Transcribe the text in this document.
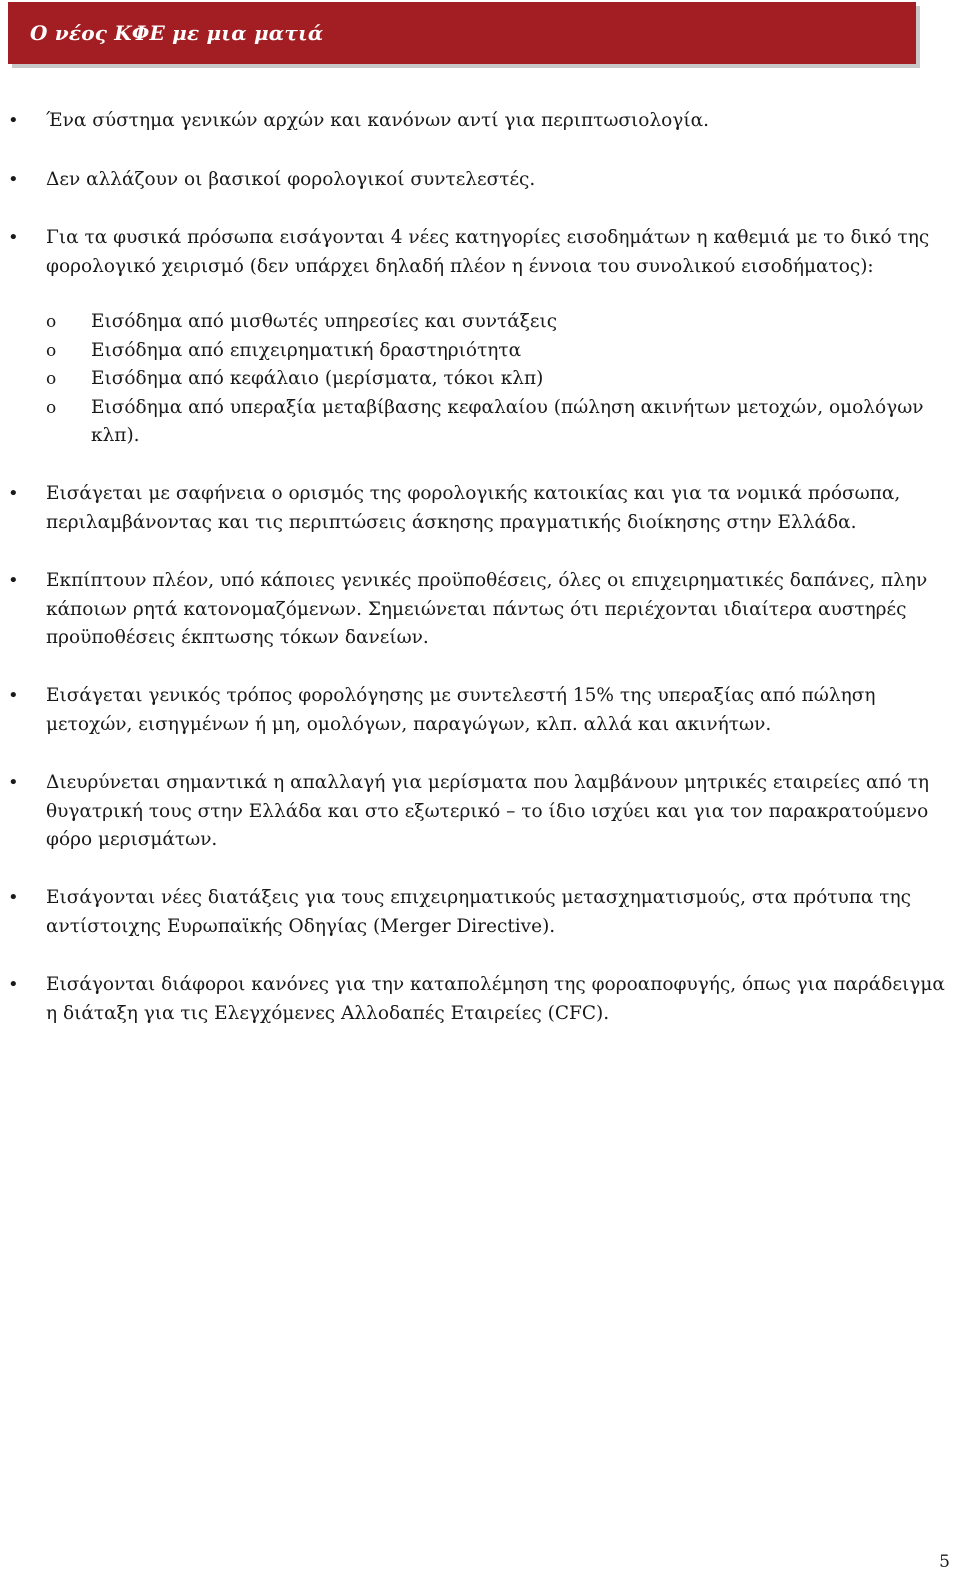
Ο νέος ΚΦΕ με μια ματιά
• Ένα σύστημα γενικών αρχών και κανόνων αντί για περιπτωσιολογία.
• Δεν αλλάζουν οι βασικοί φορολογικοί συντελεστές.
• Για τα φυσικά πρόσωπα εισάγονται 4 νέες κατηγορίες εισοδημάτων η καθεμιά με το δικό της φορολογικό χειρισμό (δεν υπάρχει δηλαδή πλέον η έννοια του συνολικού εισοδήματος):
o Εισόδημα από μισθωτές υπηρεσίες και συντάξεις
o Εισόδημα από επιχειρηματική δραστηριότητα
o Εισόδημα από κεφάλαιο (μερίσματα, τόκοι κλπ)
o Εισόδημα από υπεραξία μεταβίβασης κεφαλαίου (πώληση ακινήτων μετοχών, ομολόγων κλπ).
• Εισάγεται με σαφήνεια ο ορισμός της φορολογικής κατοικίας και για τα νομικά πρόσωπα, περιλαμβάνοντας και τις περιπτώσεις άσκησης πραγματικής διοίκησης στην Ελλάδα.
• Εκπίπτουν πλέον, υπό κάποιες γενικές προϋποθέσεις, όλες οι επιχειρηματικές δαπάνες, πλην κάποιων ρητά κατονομαζόμενων. Σημειώνεται πάντως ότι περιέχονται ιδιαίτερα αυστηρές προϋποθέσεις έκπτωσης τόκων δανείων.
• Εισάγεται γενικός τρόπος φορολόγησης με συντελεστή 15% της υπεραξίας από πώληση μετοχών, εισηγμένων ή μη, ομολόγων, παραγώγων, κλπ. αλλά και ακινήτων.
• Διευρύνεται σημαντικά η απαλλαγή για μερίσματα που λαμβάνουν μητρικές εταιρείες από τη θυγατρική τους στην Ελλάδα και στο εξωτερικό – το ίδιο ισχύει και για τον παρακρατούμενο φόρο μερισμάτων.
• Εισάγονται νέες διατάξεις για τους επιχειρηματικούς μετασχηματισμούς, στα πρότυπα της αντίστοιχης Ευρωπαϊκής Οδηγίας (Merger Directive).
• Εισάγονται διάφοροι κανόνες για την καταπολέμηση της φοροαποφυγής, όπως για παράδειγμα η διάταξη για τις Ελεγχόμενες Αλλοδαπές Εταιρείες (CFC).
5
